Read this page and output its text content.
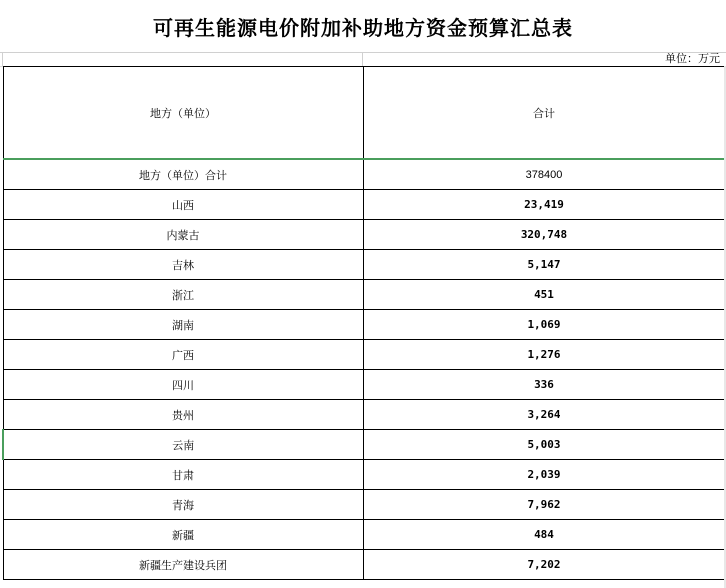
可再生能源电价附加补助地方资金预算汇总表
单位：万元
地方（单位）	合计
地方（单位）合计	378400
山西	23,419
内蒙古	320,748
吉林	5,147
浙江	451
湖南	1,069
广西	1,276
四川	336
贵州	3,264
云南	5,003
甘肃	2,039
青海	7,962
新疆	484
新疆生产建设兵团	7,202
